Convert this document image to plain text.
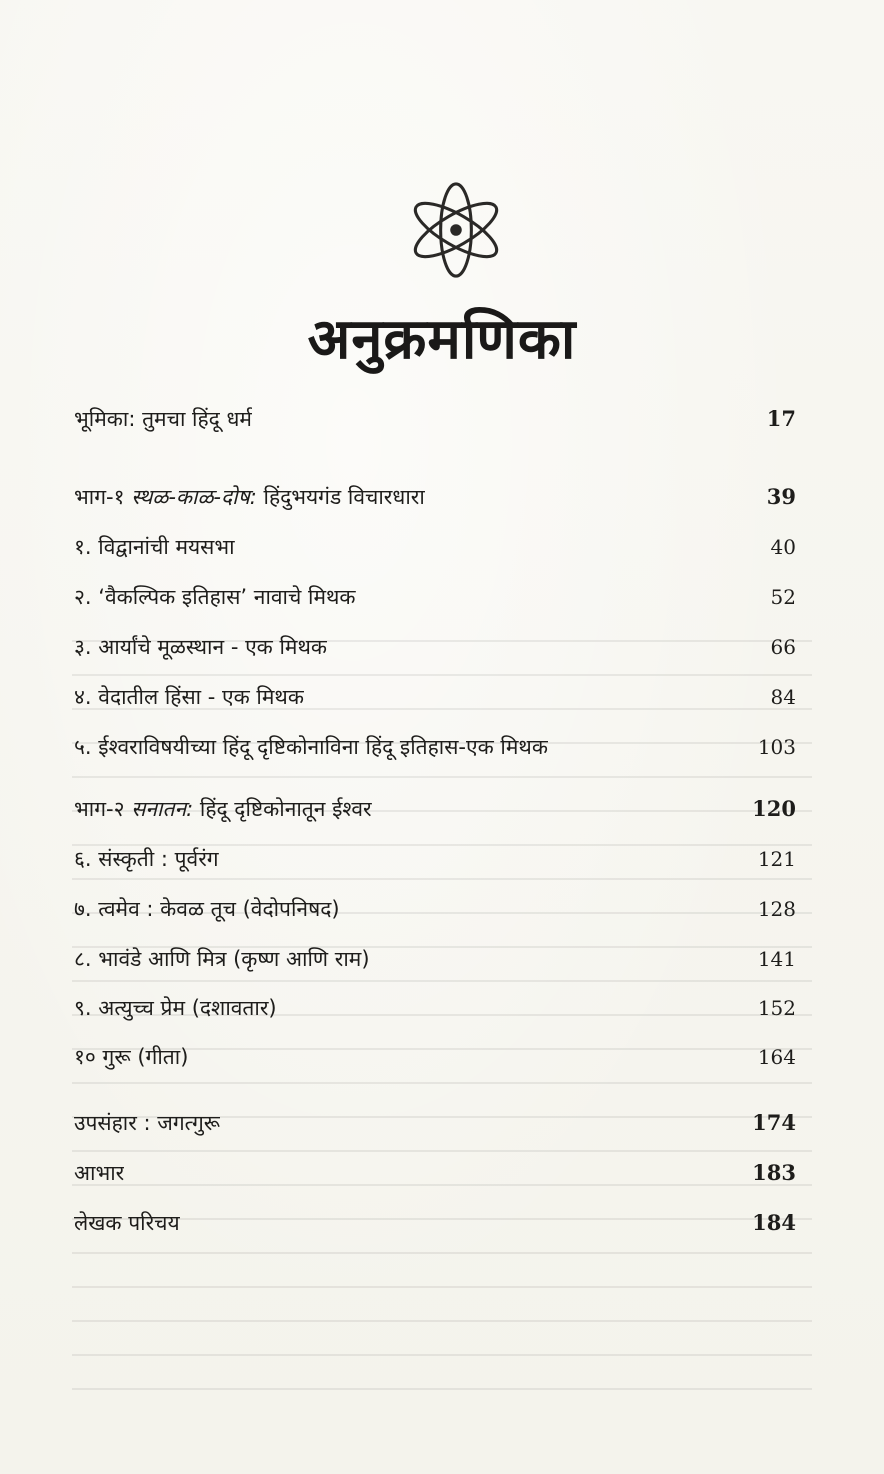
अनुक्रमणिका
भूमिका: तुमचा हिंदू धर्म	17
भाग-१ स्थळ-काळ-दोष: हिंदुभयगंड विचारधारा	39
१. विद्वानांची मयसभा	40
२. ‘वैकल्पिक इतिहास’ नावाचे मिथक	52
३. आर्यांचे मूळस्थान - एक मिथक	66
४. वेदातील हिंसा - एक मिथक	84
५. ईश्वराविषयीच्या हिंदू दृष्टिकोनाविना हिंदू इतिहास-एक मिथक	103
भाग-२ सनातन: हिंदू दृष्टिकोनातून ईश्वर	120
६. संस्कृती : पूर्वरंग	121
७. त्वमेव : केवळ तूच (वेदोपनिषद)	128
८. भावंडे आणि मित्र (कृष्ण आणि राम)	141
९. अत्युच्च प्रेम (दशावतार)	152
१० गुरू (गीता)	164
उपसंहार : जगत्गुरू	174
आभार	183
लेखक परिचय	184
